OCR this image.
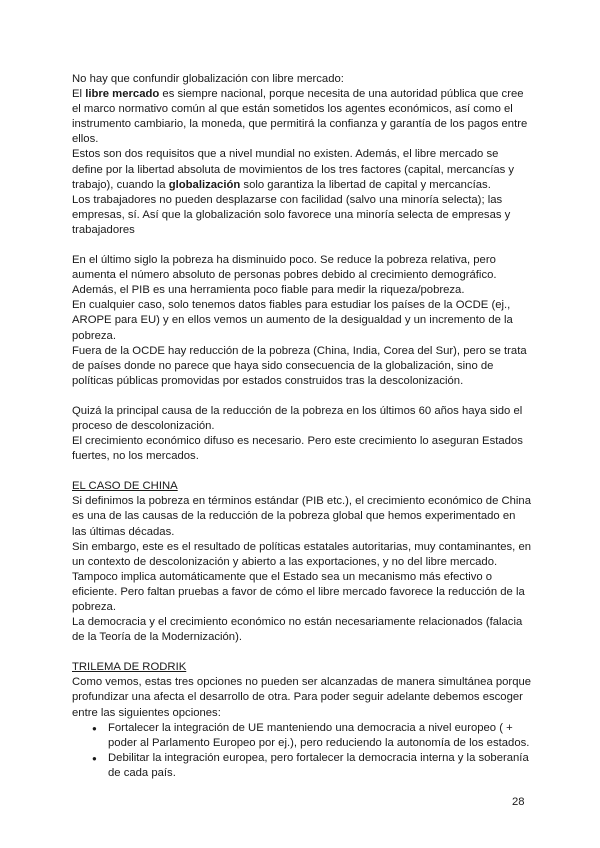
No hay que confundir globalización con libre mercado:

El libre mercado es siempre nacional, porque necesita de una autoridad pública que cree el marco normativo común al que están sometidos los agentes económicos, así como el instrumento cambiario, la moneda, que permitirá la confianza y garantía de los pagos entre ellos.

Estos son dos requisitos que a nivel mundial no existen. Además, el libre mercado se define por la libertad absoluta de movimientos de los tres factores (capital, mercancías y trabajo), cuando la globalización solo garantiza la libertad de capital y mercancías.

Los trabajadores no pueden desplazarse con facilidad (salvo una minoría selecta); las empresas, sí. Así que la globalización solo favorece una minoría selecta de empresas y trabajadores

En el último siglo la pobreza ha disminuido poco. Se reduce la pobreza relativa, pero aumenta el número absoluto de personas pobres debido al crecimiento demográfico.

Además, el PIB es una herramienta poco fiable para medir la riqueza/pobreza.

En cualquier caso, solo tenemos datos fiables para estudiar los países de la OCDE (ej., AROPE para EU) y en ellos vemos un aumento de la desigualdad y un incremento de la pobreza.

Fuera de la OCDE hay reducción de la pobreza (China, India, Corea del Sur), pero se trata de países donde no parece que haya sido consecuencia de la globalización, sino de políticas públicas promovidas por estados construidos tras la descolonización.

Quizá la principal causa de la reducción de la pobreza en los últimos 60 años haya sido el proceso de descolonización.

El crecimiento económico difuso es necesario. Pero este crecimiento lo aseguran Estados fuertes, no los mercados.

EL CASO DE CHINA

Si definimos la pobreza en términos estándar (PIB etc.), el crecimiento económico de China es una de las causas de la reducción de la pobreza global que hemos experimentado en las últimas décadas.

Sin embargo, este es el resultado de políticas estatales autoritarias, muy contaminantes, en un contexto de descolonización y abierto a las exportaciones, y no del libre mercado.

Tampoco implica automáticamente que el Estado sea un mecanismo más efectivo o eficiente. Pero faltan pruebas a favor de cómo el libre mercado favorece la reducción de la pobreza.

La democracia y el crecimiento económico no están necesariamente relacionados (falacia de la Teoría de la Modernización).

TRILEMA DE RODRIK

Como vemos, estas tres opciones no pueden ser alcanzadas de manera simultánea porque profundizar una afecta el desarrollo de otra. Para poder seguir adelante debemos escoger entre las siguientes opciones:

● Fortalecer la integración de UE manteniendo una democracia a nivel europeo ( + poder al Parlamento Europeo por ej.), pero reduciendo la autonomía de los estados.
● Debilitar la integración europea, pero fortalecer la democracia interna y la soberanía de cada país.
28
